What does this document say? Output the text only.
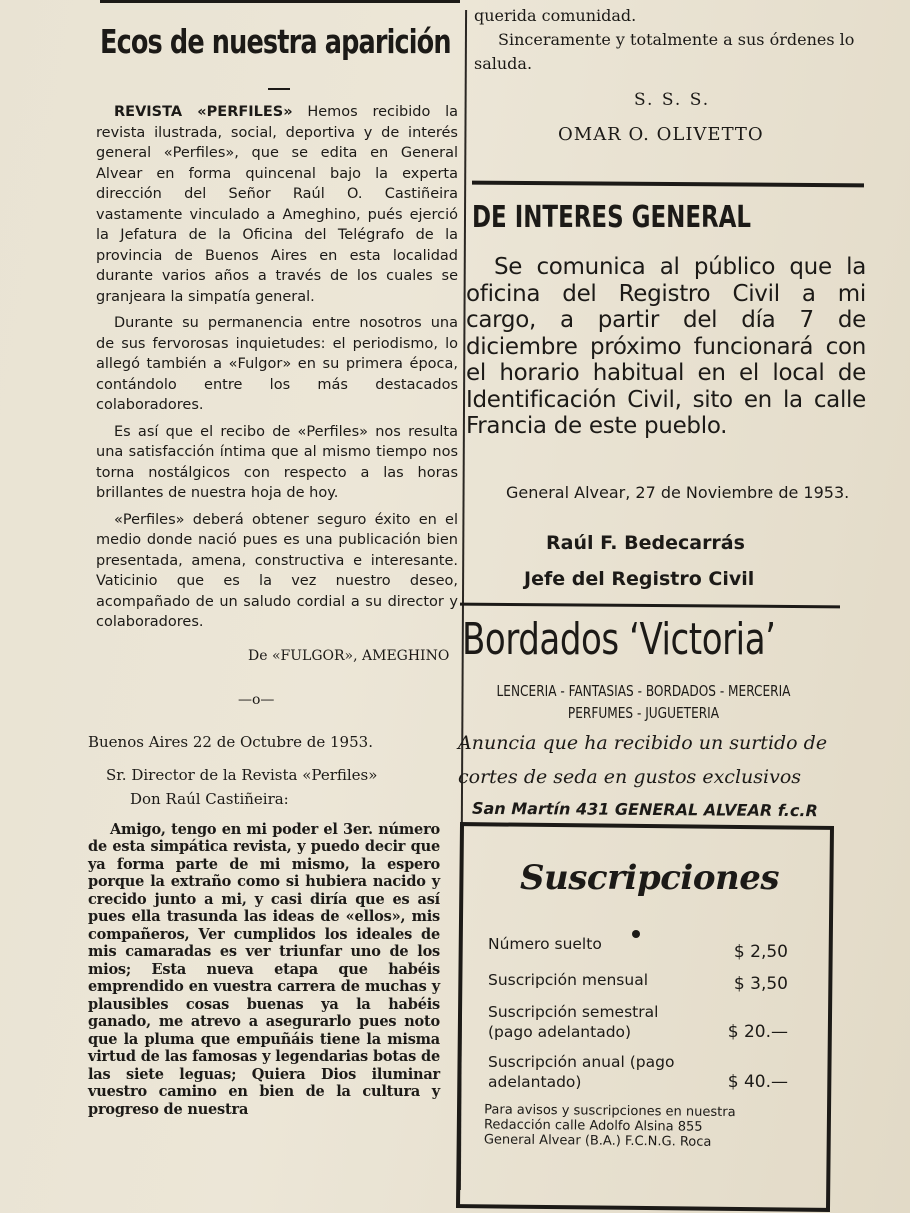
Ecos de nuestra aparición

REVISTA «PERFILES» Hemos recibido la revista ilustrada, social, deportiva y de interés general «Perfiles», que se edita en General Alvear en forma quincenal bajo la experta dirección del Señor Raúl O. Castiñeira vastamente vinculado a Ameghino, pués ejerció la Jefatura de la Oficina del Telégrafo de la provincia de Buenos Aires en esta localidad durante varios años a través de los cuales se granjeara la simpatía general.

Durante su permanencia entre nosotros una de sus fervorosas inquietudes: el periodismo, lo allegó también a «Fulgor» en su primera época, contándolo entre los más destacados colaboradores.

Es así que el recibo de «Perfiles» nos resulta una satisfacción íntima que al mismo tiempo nos torna nostálgicos con respecto a las horas brillantes de nuestra hoja de hoy.

«Perfiles» deberá obtener seguro éxito en el medio donde nació pues es una publicación bien presentada, amena, constructiva e interesante. Vaticinio que es la vez nuestro deseo, acompañado de un saludo cordial a su director y colaboradores.

De «FULGOR», AMEGHINO
—o—

Buenos Aires 22 de Octubre de 1953.

Sr. Director de la Revista «Perfiles»

Don Raúl Castiñeira:

Amigo, tengo en mi poder el 3er. número de esta simpática revista, y puedo decir que ya forma parte de mi mismo, la espero porque la extraño como si hubiera nacido y crecido junto a mi, y casi diría que es así pues ella trasunda las ideas de «ellos», mis compañeros, Ver cumplidos los ideales de mis camaradas es ver triunfar uno de los mios; Esta nueva etapa que habéis emprendido en vuestra carrera de muchas y plausibles cosas buenas ya la habéis ganado, me atrevo a asegurarlo pues noto que la pluma que empuñáis tiene la misma virtud de las famosas y legendarias botas de las siete leguas; Quiera Dios iluminar vuestro camino en bien de la cultura y progreso de nuestra

querida comunidad.
Sinceramente y totalmente a sus órdenes lo saluda.
S. S. S.
OMAR O. OLIVETTO
DE INTERES GENERAL

Se comunica al público que la oficina del Registro Civil a mi cargo, a partir del día 7 de diciembre próximo funcionará con el horario habitual en el local de Identificación Civil, sito en la calle Francia de este pueblo.

General Alvear, 27 de Noviembre de 1953.

Raúl F. Bedecarrás
Jefe del Registro Civil
Bordados ‘Victoria’
LENCERIA - FANTASIAS - BORDADOS - MERCERIA
PERFUMES - JUGUETERIA
Anuncia que ha recibido un surtido de
cortes de seda en gustos exclusivos
San Martín 431 GENERAL ALVEAR f.c.R
Suscripciones
Número suelto	$ 2,50
Suscripción mensual	$ 3,50
Suscripción semestral (pago adelantado)	$ 20.—
Suscripción anual (pago adelantado)	$ 40.—
Para avisos y suscripciones en nuestra Redacción calle Adolfo Alsina 855
General Alvear (B.A.) F.C.N.G. Roca
